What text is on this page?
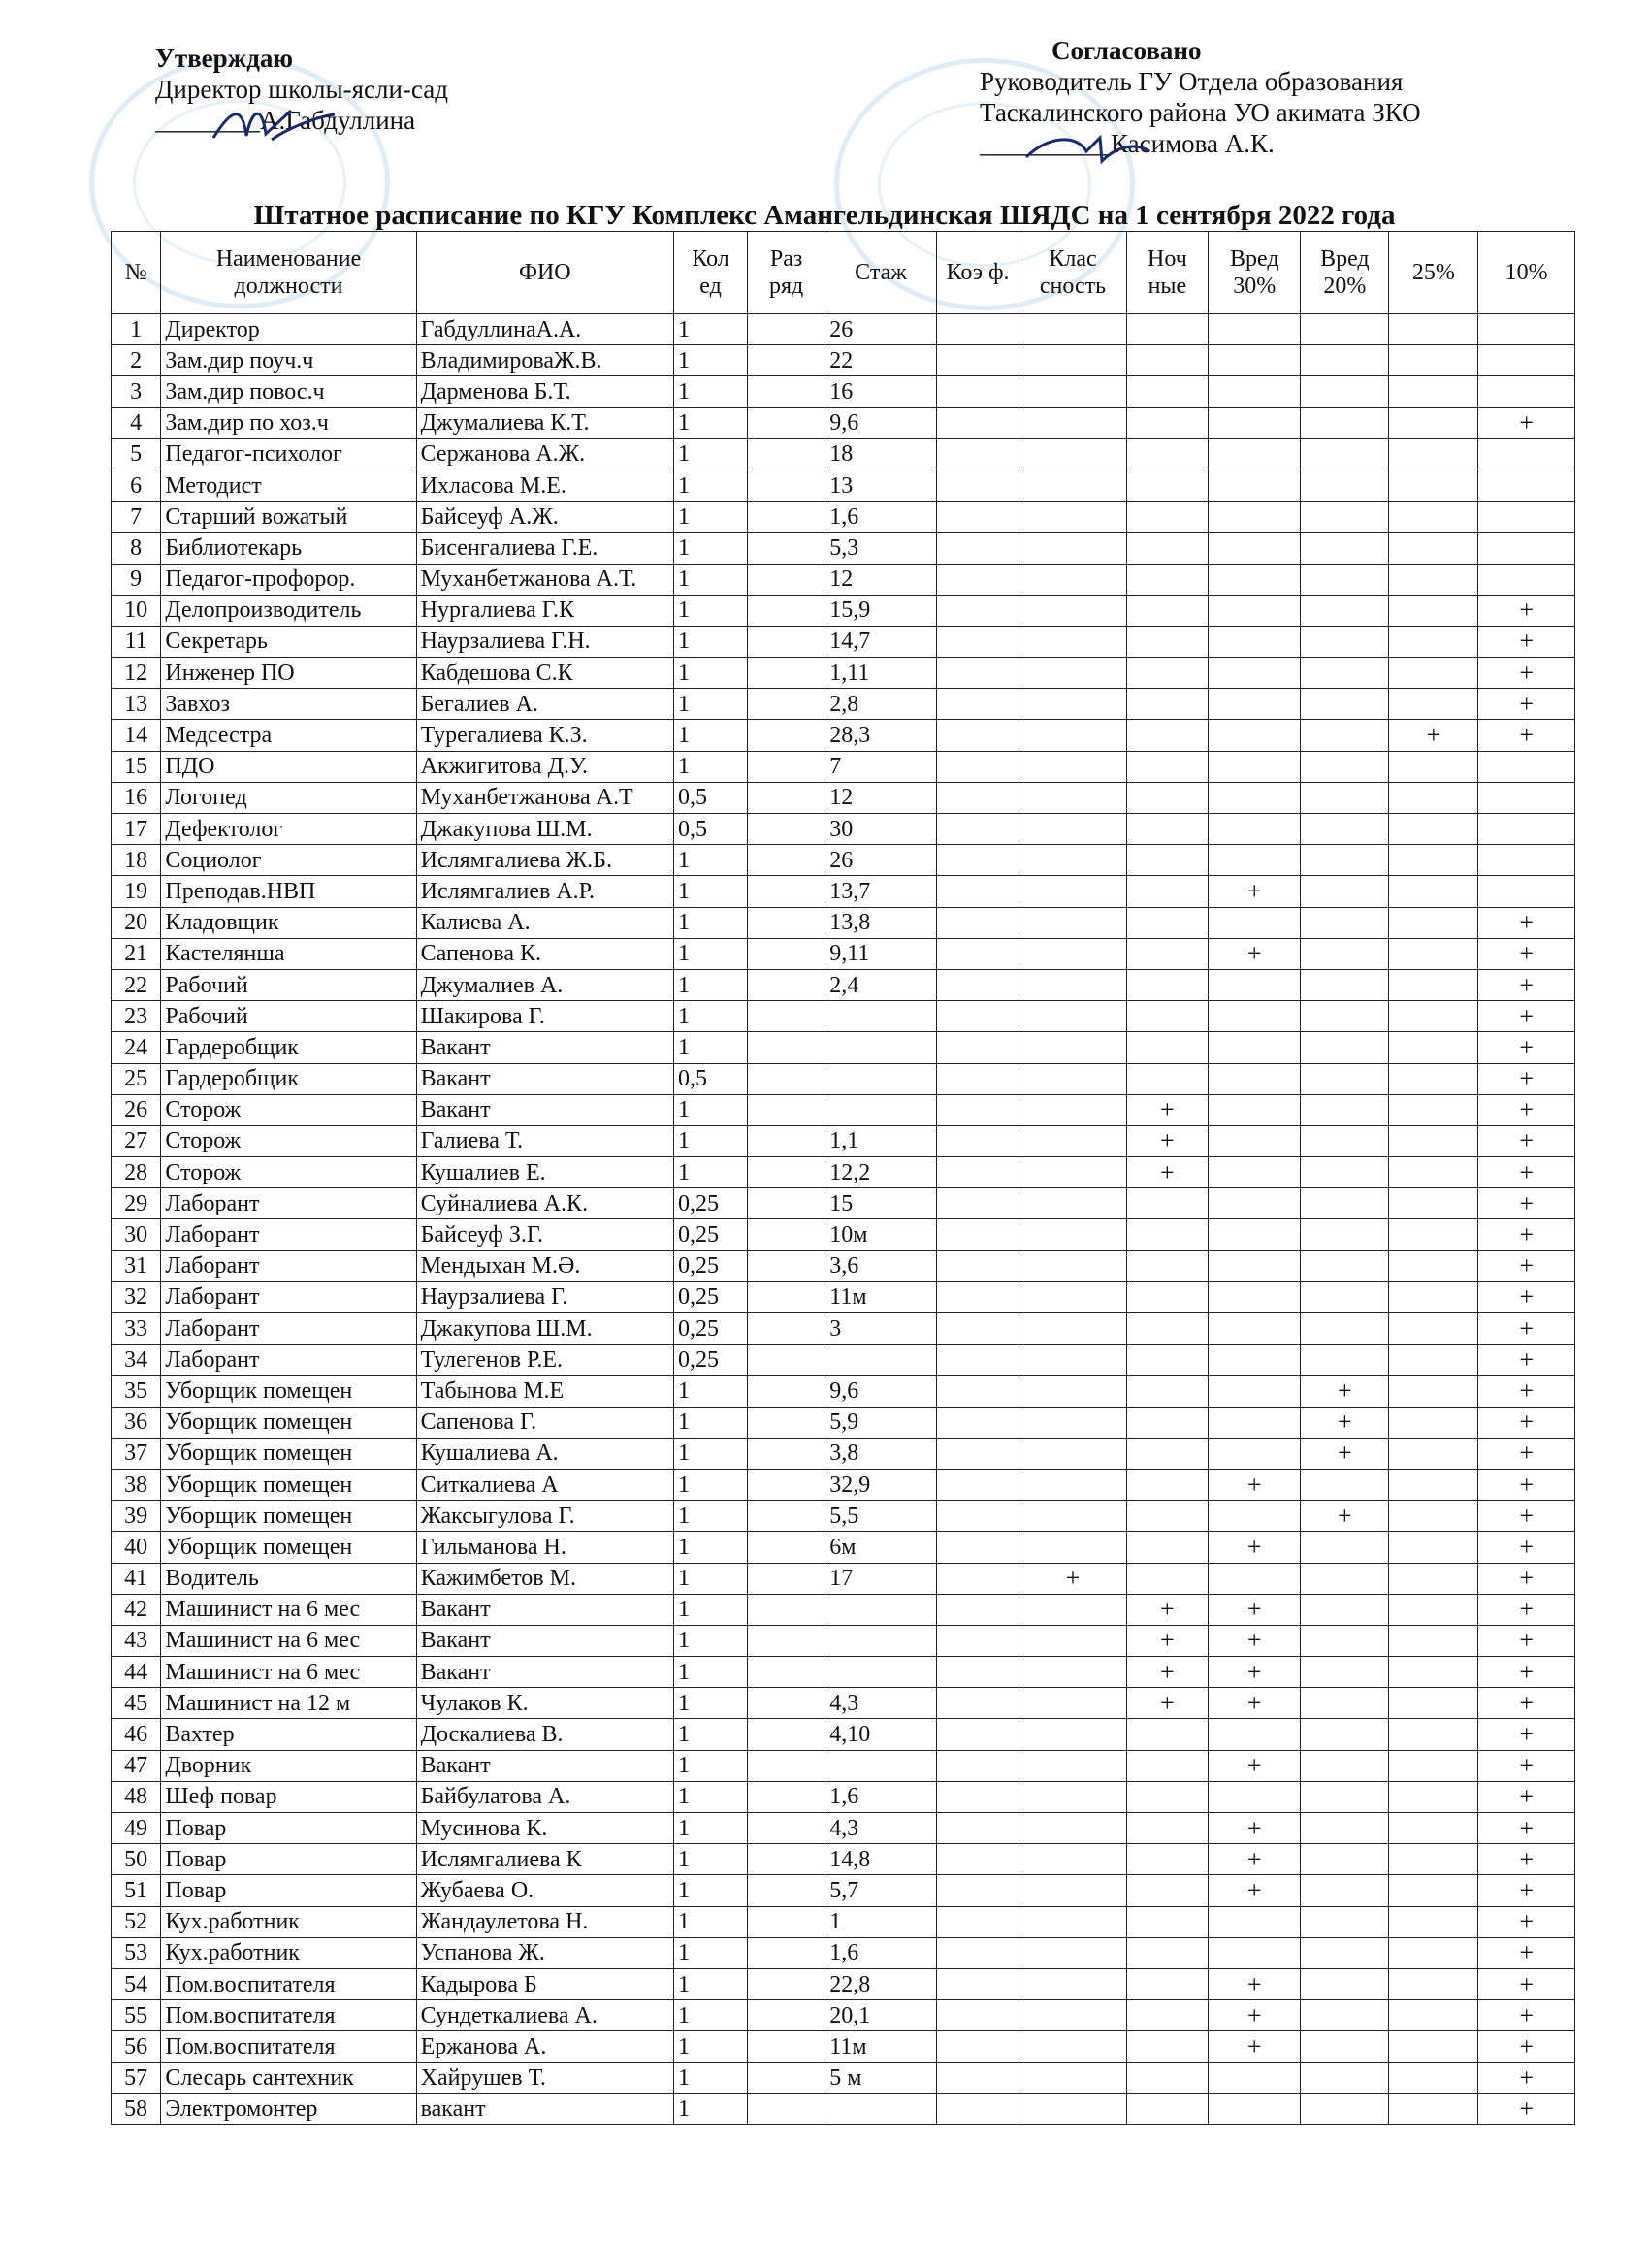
Утверждаю
Директор школы-ясли-сад
________А.Габдуллина
Согласовано
Руководитель ГУ Отдела образования
Таскалинского района УО акимата ЗКО
__________Касимова А.К.
Штатное расписание по КГУ Комплекс Амангельдинская ШЯДС на 1 сентября 2022 года
№	Наименование должности	ФИО	Кол ед	Раз ряд	Стаж	Коэ ф.	Клас сность	Ноч ные	Вред 30%	Вред 20%	25%	10%
1	Директор	ГабдуллинаА.А.	1		26							
2	Зам.дир поуч.ч	ВладимироваЖ.В.	1		22							
3	Зам.дир повос.ч	Дарменова Б.Т.	1		16							
4	Зам.дир по хоз.ч	Джумалиева К.Т.	1		9,6							+
5	Педагог-психолог	Сержанова А.Ж.	1		18							
6	Методист	Ихласова М.Е.	1		13							
7	Старший вожатый	Байсеуф А.Ж.	1		1,6							
8	Библиотекарь	Бисенгалиева Г.Е.	1		5,3							
9	Педагог-профорор.	Муханбетжанова А.Т.	1		12							
10	Делопроизводитель	Нургалиева Г.К	1		15,9							+
11	Секретарь	Наурзалиева Г.Н.	1		14,7							+
12	Инженер ПО	Кабдешова С.К	1		1,11							+
13	Завхоз	Бегалиев А.	1		2,8							+
14	Медсестра	Турегалиева К.З.	1		28,3						+	+
15	ПДО	Акжигитова Д.У.	1		7							
16	Логопед	Муханбетжанова А.Т	0,5		12							
17	Дефектолог	Джакупова Ш.М.	0,5		30							
18	Социолог	Ислямгалиева Ж.Б.	1		26							
19	Преподав.НВП	Ислямгалиев А.Р.	1		13,7				+			
20	Кладовщик	Калиева А.	1		13,8							+
21	Кастелянша	Сапенова К.	1		9,11				+			+
22	Рабочий	Джумалиев А.	1		2,4							+
23	Рабочий	Шакирова Г.	1									+
24	Гардеробщик	Вакант	1									+
25	Гардеробщик	Вакант	0,5									+
26	Сторож	Вакант	1					+				+
27	Сторож	Галиева Т.	1		1,1			+				+
28	Сторож	Кушалиев Е.	1		12,2			+				+
29	Лаборант	Суйналиева А.К.	0,25		15							+
30	Лаборант	Байсеуф З.Г.	0,25		10м							+
31	Лаборант	Мендыхан М.Ә.	0,25		3,6							+
32	Лаборант	Наурзалиева Г.	0,25		11м							+
33	Лаборант	Джакупова Ш.М.	0,25		3							+
34	Лаборант	Тулегенов Р.Е.	0,25									+
35	Уборщик помещен	Табынова М.Е	1		9,6					+		+
36	Уборщик помещен	Сапенова Г.	1		5,9					+		+
37	Уборщик помещен	Кушалиева А.	1		3,8					+		+
38	Уборщик помещен	Ситкалиева А	1		32,9				+			+
39	Уборщик помещен	Жаксыгулова Г.	1		5,5					+		+
40	Уборщик помещен	Гильманова Н.	1		6м				+			+
41	Водитель	Кажимбетов М.	1		17		+					+
42	Машинист на 6 мес	Вакант	1					+	+			+
43	Машинист на 6 мес	Вакант	1					+	+			+
44	Машинист на 6 мес	Вакант	1					+	+			+
45	Машинист на 12 м	Чулаков К.	1		4,3			+	+			+
46	Вахтер	Доскалиева В.	1		4,10							+
47	Дворник	Вакант	1						+			+
48	Шеф повар	Байбулатова А.	1		1,6							+
49	Повар	Мусинова К.	1		4,3				+			+
50	Повар	Ислямгалиева К	1		14,8				+			+
51	Повар	Жубаева О.	1		5,7				+			+
52	Кух.работник	Жандаулетова Н.	1		1							+
53	Кух.работник	Успанова Ж.	1		1,6							+
54	Пом.воспитателя	Кадырова Б	1		22,8				+			+
55	Пом.воспитателя	Сундеткалиева А.	1		20,1				+			+
56	Пом.воспитателя	Ержанова А.	1		11м				+			+
57	Слесарь сантехник	Хайрушев Т.	1		5 м							+
58	Электромонтер	вакант	1									+
